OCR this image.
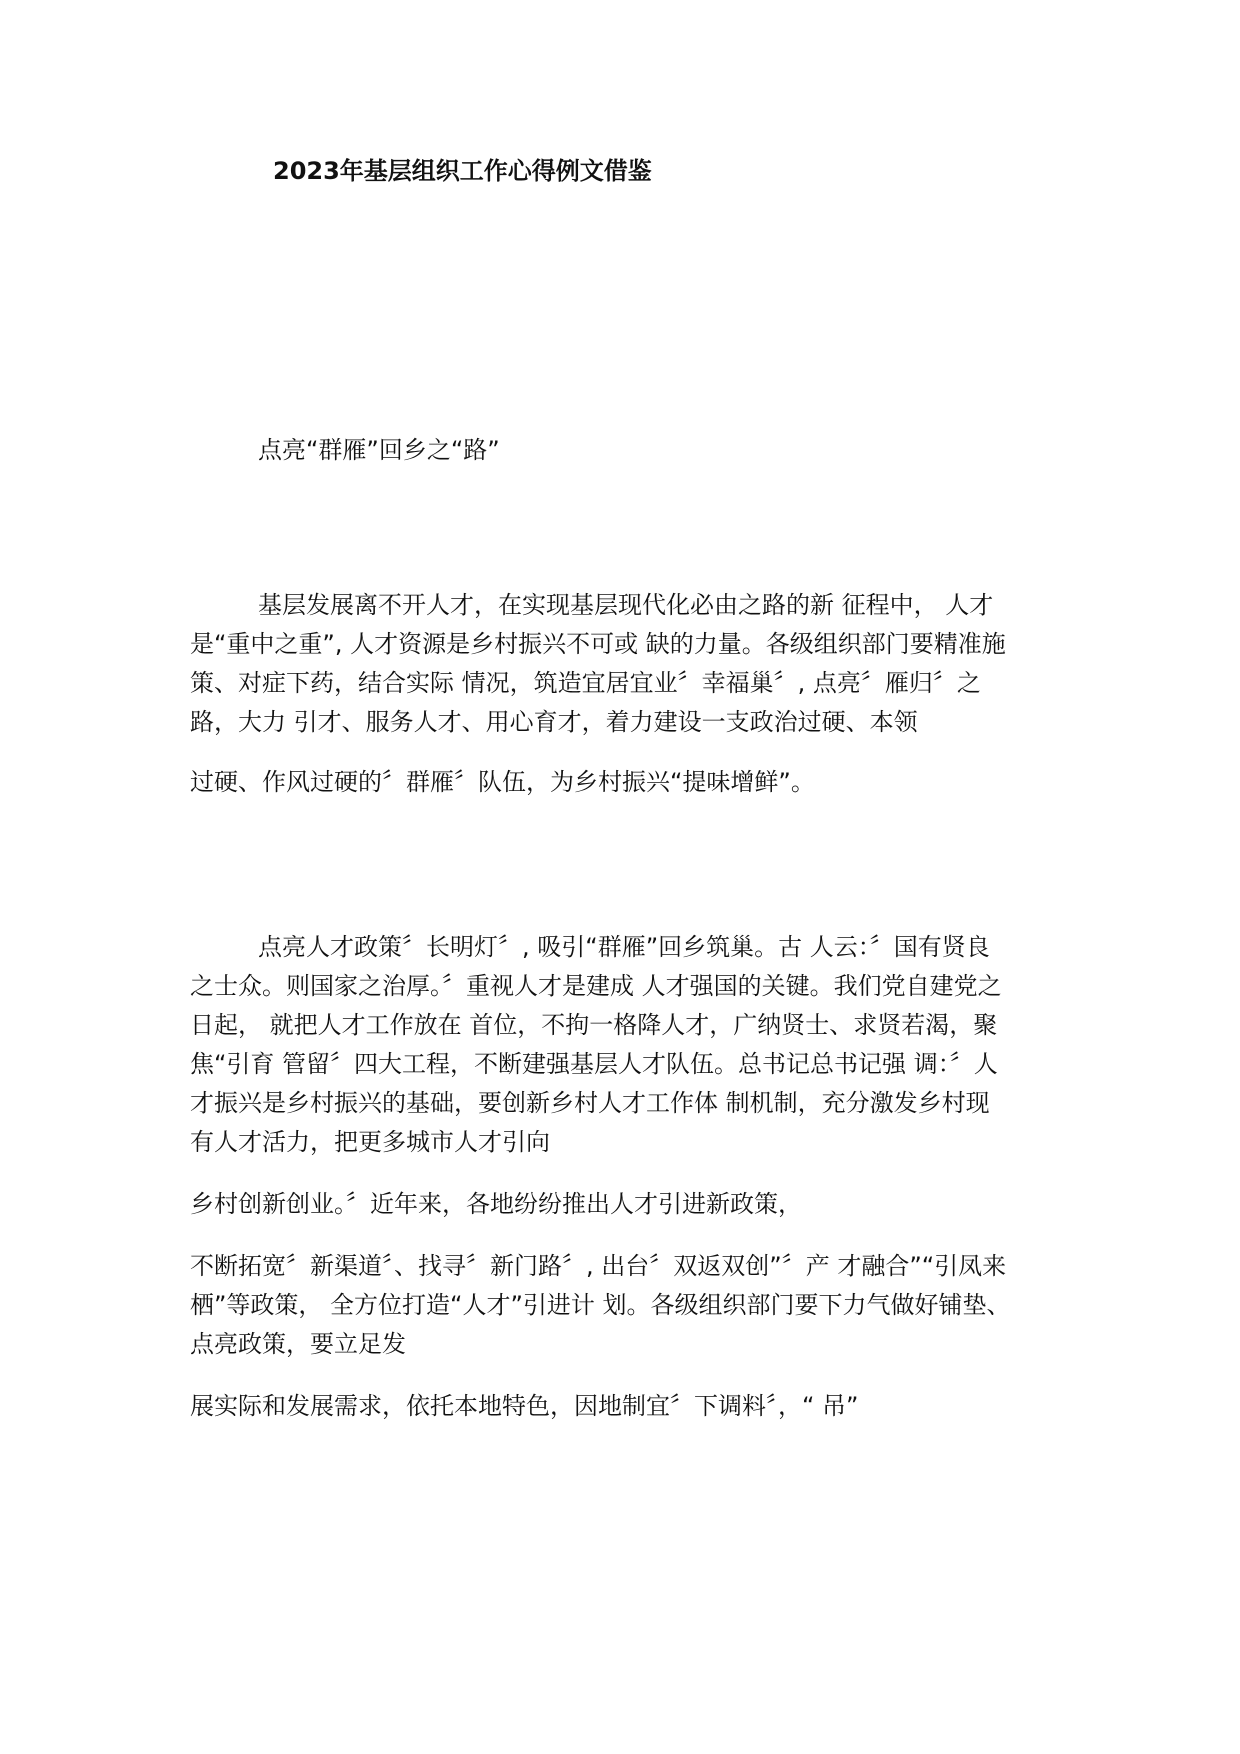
2023年基层组织工作心得例文借鉴
点亮“群雁”回乡之“路”
基层发展离不开人才，在实现基层现代化必由之路的新 征程中， 人才
是“重中之重”, 人才资源是乡村振兴不可或 缺的力量。各级组织部门要精准施
策、对症下药，结合实际 情况，筑造宜居宜业〞幸福巢〞, 点亮〞雁归〞之
路，大力 引才、服务人才、用心育才，着力建设一支政治过硬、本领
过硬、作风过硬的〞群雁〞队伍，为乡村振兴“提味增鲜”。
点亮人才政策〞长明灯〞, 吸引“群雁”回乡筑巢。古 人云：〞国有贤良
之士众。则国家之治厚。〞重视人才是建成 人才强国的关键。我们党自建党之
日起， 就把人才工作放在 首位，不拘一格降人才，广纳贤士、求贤若渴，聚
焦“引育 管留〞四大工程，不断建强基层人才队伍。总书记总书记强 调：〞人
才振兴是乡村振兴的基础，要创新乡村人才工作体 制机制，充分激发乡村现
有人才活力，把更多城市人才引向
乡村创新创业。〞近年来，各地纷纷推出人才引进新政策，
不断拓宽〞新渠道〞、找寻〞新门路〞, 出台〞双返双创”〞产 才融合”“引凤来
栖”等政策， 全方位打造“人才”引进计 划。各级组织部门要下力气做好铺垫、
点亮政策，要立足发
展实际和发展需求，依托本地特色，因地制宜〞下调料〞，“ 吊”
